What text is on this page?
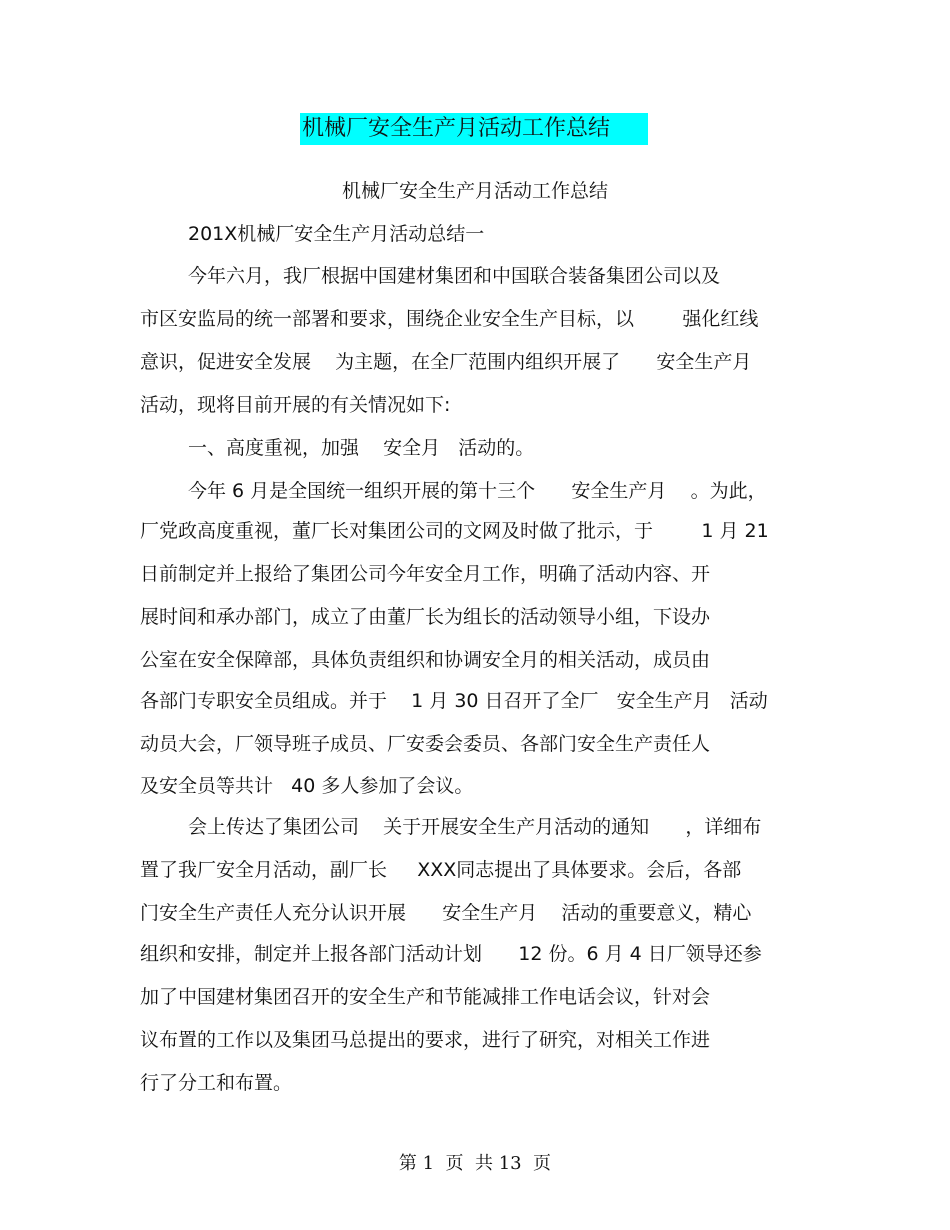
机械厂安全生产月活动工作总结
机械厂安全生产月活动工作总结
201X机械厂安全生产月活动总结一
今年六月，我厂根据中国建材集团和中国联合装备集团公司以及
市区安监局的统一部署和要求，围绕企业安全生产目标，以        强化红线
意识，促进安全发展    为主题，在全厂范围内组织开展了      安全生产月
活动，现将目前开展的有关情况如下:
一、高度重视，加强    安全月   活动的。
今年 6 月是全国统一组织开展的第十三个      安全生产月    。为此，
厂党政高度重视，董厂长对集团公司的文网及时做了批示，于        1 月 21
日前制定并上报给了集团公司今年安全月工作，明确了活动内容、开
展时间和承办部门，成立了由董厂长为组长的活动领导小组，下设办
公室在安全保障部，具体负责组织和协调安全月的相关活动，成员由
各部门专职安全员组成。并于    1 月 30 日召开了全厂   安全生产月   活动
动员大会，厂领导班子成员、厂安委会委员、各部门安全生产责任人
及安全员等共计   40 多人参加了会议。
会上传达了集团公司    关于开展安全生产月活动的通知      ，详细布
置了我厂安全月活动，副厂长     XXX同志提出了具体要求。会后，各部
门安全生产责任人充分认识开展      安全生产月    活动的重要意义，精心
组织和安排，制定并上报各部门活动计划      12 份。6 月 4 日厂领导还参
加了中国建材集团召开的安全生产和节能减排工作电话会议，针对会
议布置的工作以及集团马总提出的要求，进行了研究，对相关工作进
行了分工和布置。
第 1  页  共 13  页
